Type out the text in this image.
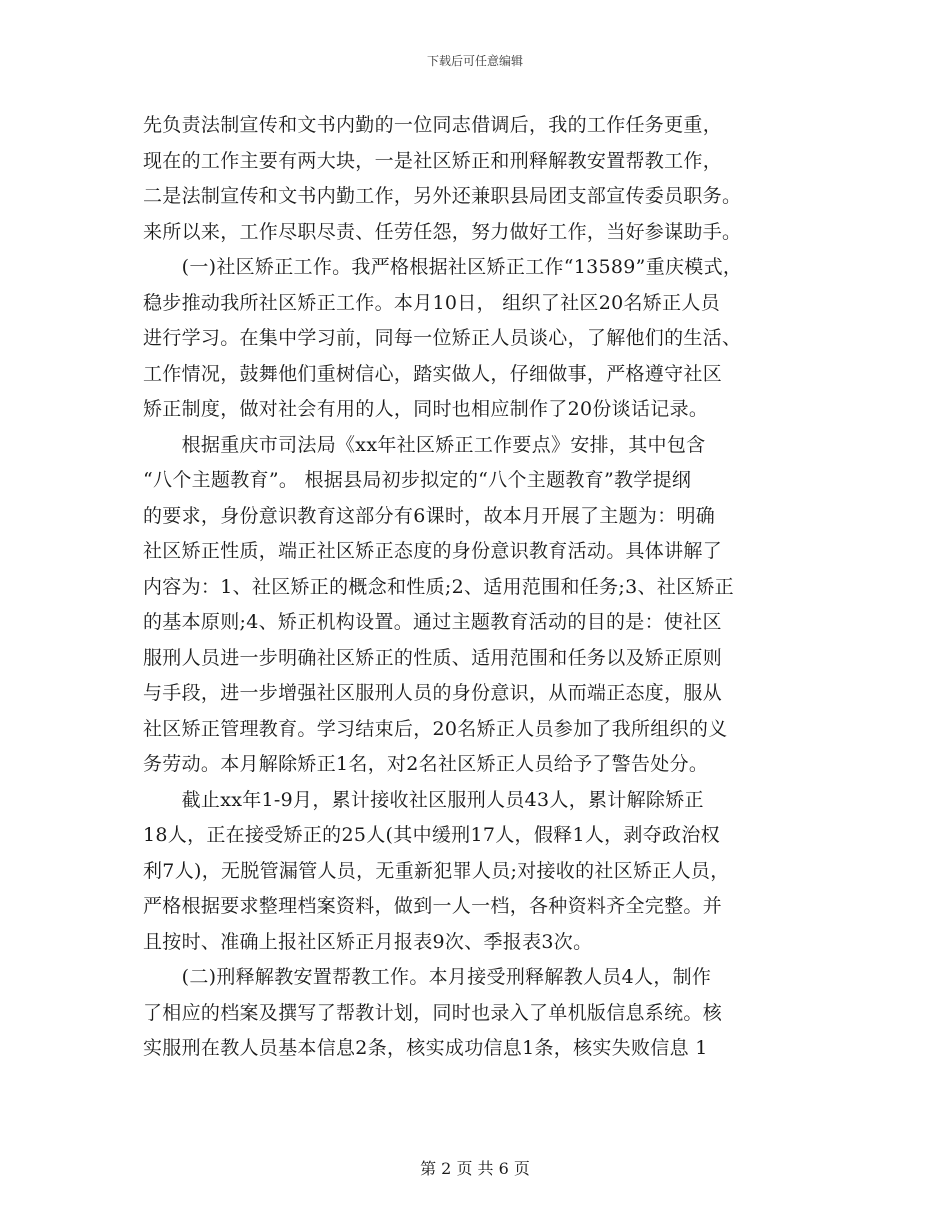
下载后可任意编辑
先负责法制宣传和文书内勤的一位同志借调后，我的工作任务更重，
现在的工作主要有两大块，一是社区矫正和刑释解教安置帮教工作，
二是法制宣传和文书内勤工作，另外还兼职县局团支部宣传委员职务。
来所以来，工作尽职尽责、任劳任怨，努力做好工作，当好参谋助手。
　　(一)社区矫正工作。我严格根据社区矫正工作“13589”重庆模式，
稳步推动我所社区矫正工作。本月10日， 组织了社区20名矫正人员
进行学习。在集中学习前，同每一位矫正人员谈心，了解他们的生活、
工作情况，鼓舞他们重树信心，踏实做人，仔细做事，严格遵守社区
矫正制度，做对社会有用的人，同时也相应制作了20份谈话记录。
　　根据重庆市司法局《xx年社区矫正工作要点》安排，其中包含
“八个主题教育”。 根据县局初步拟定的“八个主题教育”教学提纲
的要求，身份意识教育这部分有6课时，故本月开展了主题为：明确
社区矫正性质，端正社区矫正态度的身份意识教育活动。具体讲解了
内容为：1、社区矫正的概念和性质;2、适用范围和任务;3、社区矫正
的基本原则;4、矫正机构设置。通过主题教育活动的目的是：使社区
服刑人员进一步明确社区矫正的性质、适用范围和任务以及矫正原则
与手段，进一步增强社区服刑人员的身份意识，从而端正态度，服从
社区矫正管理教育。学习结束后，20名矫正人员参加了我所组织的义
务劳动。本月解除矫正1名，对2名社区矫正人员给予了警告处分。
　　截止xx年1-9月，累计接收社区服刑人员43人，累计解除矫正
18人，正在接受矫正的25人(其中缓刑17人，假释1人，剥夺政治权
利7人)，无脱管漏管人员，无重新犯罪人员;对接收的社区矫正人员，
严格根据要求整理档案资料，做到一人一档，各种资料齐全完整。并
且按时、准确上报社区矫正月报表9次、季报表3次。
　　(二)刑释解教安置帮教工作。本月接受刑释解教人员4人，制作
了相应的档案及撰写了帮教计划，同时也录入了单机版信息系统。核
实服刑在教人员基本信息2条，核实成功信息1条，核实失败信息 1
第 2 页 共 6 页
